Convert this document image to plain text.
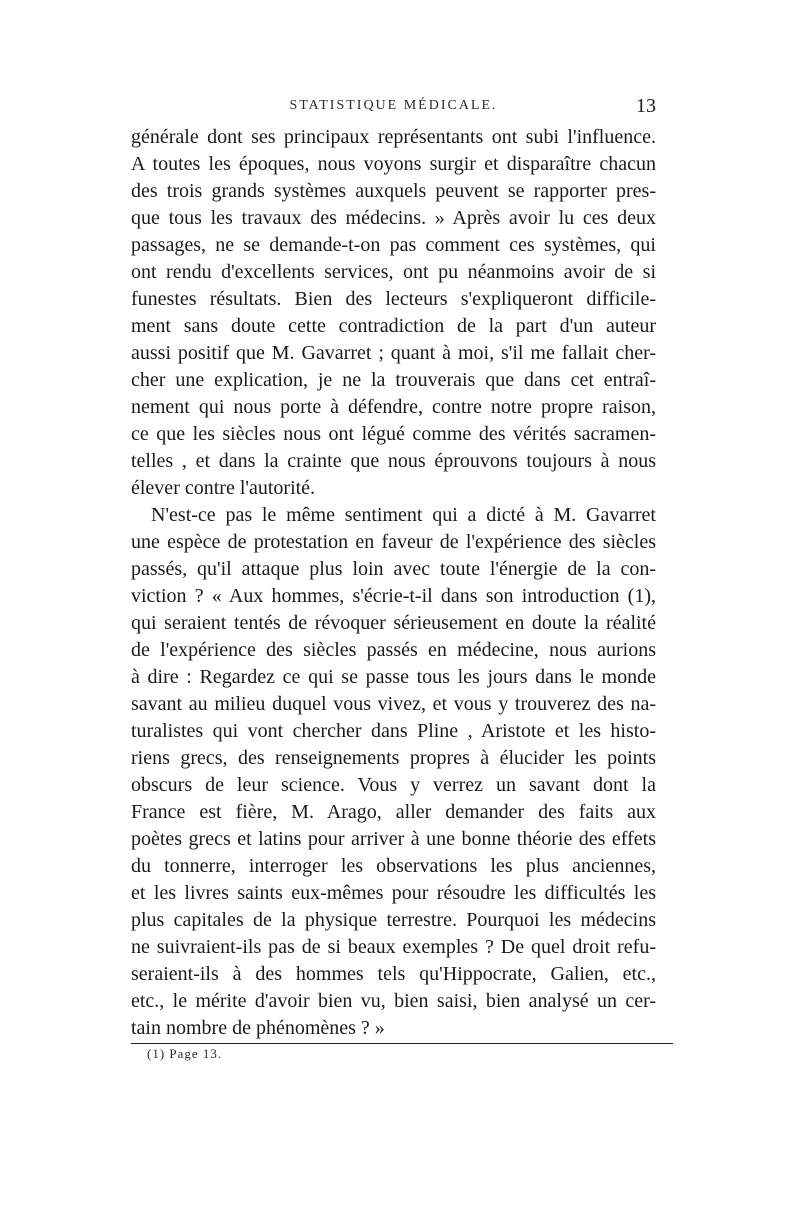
STATISTIQUE MÉDICALE.	13
générale dont ses principaux représentants ont subi l'influence.
A toutes les époques, nous voyons surgir et disparaître chacun
des trois grands systèmes auxquels peuvent se rapporter pres-
que tous les travaux des médecins. » Après avoir lu ces deux
passages, ne se demande-t-on pas comment ces systèmes, qui
ont rendu d'excellents services, ont pu néanmoins avoir de si
funestes résultats. Bien des lecteurs s'expliqueront difficile-
ment sans doute cette contradiction de la part d'un auteur
aussi positif que M. Gavarret ; quant à moi, s'il me fallait cher-
cher une explication, je ne la trouverais que dans cet entraî-
nement qui nous porte à défendre, contre notre propre raison,
ce que les siècles nous ont légué comme des vérités sacramen-
telles , et dans la crainte que nous éprouvons toujours à nous
élever contre l'autorité.
N'est-ce pas le même sentiment qui a dicté à M. Gavarret
une espèce de protestation en faveur de l'expérience des siècles
passés, qu'il attaque plus loin avec toute l'énergie de la con-
viction ? « Aux hommes, s'écrie-t-il dans son introduction (1),
qui seraient tentés de révoquer sérieusement en doute la réalité
de l'expérience des siècles passés en médecine, nous aurions
à dire : Regardez ce qui se passe tous les jours dans le monde
savant au milieu duquel vous vivez, et vous y trouverez des na-
turalistes qui vont chercher dans Pline , Aristote et les histo-
riens grecs, des renseignements propres à élucider les points
obscurs de leur science. Vous y verrez un savant dont la
France est fière, M. Arago, aller demander des faits aux
poètes grecs et latins pour arriver à une bonne théorie des effets
du tonnerre, interroger les observations les plus anciennes,
et les livres saints eux-mêmes pour résoudre les difficultés les
plus capitales de la physique terrestre. Pourquoi les médecins
ne suivraient-ils pas de si beaux exemples ? De quel droit refu-
seraient-ils à des hommes tels qu'Hippocrate, Galien, etc.,
etc., le mérite d'avoir bien vu, bien saisi, bien analysé un cer-
tain nombre de phénomènes ? »
(1) Page 13.
